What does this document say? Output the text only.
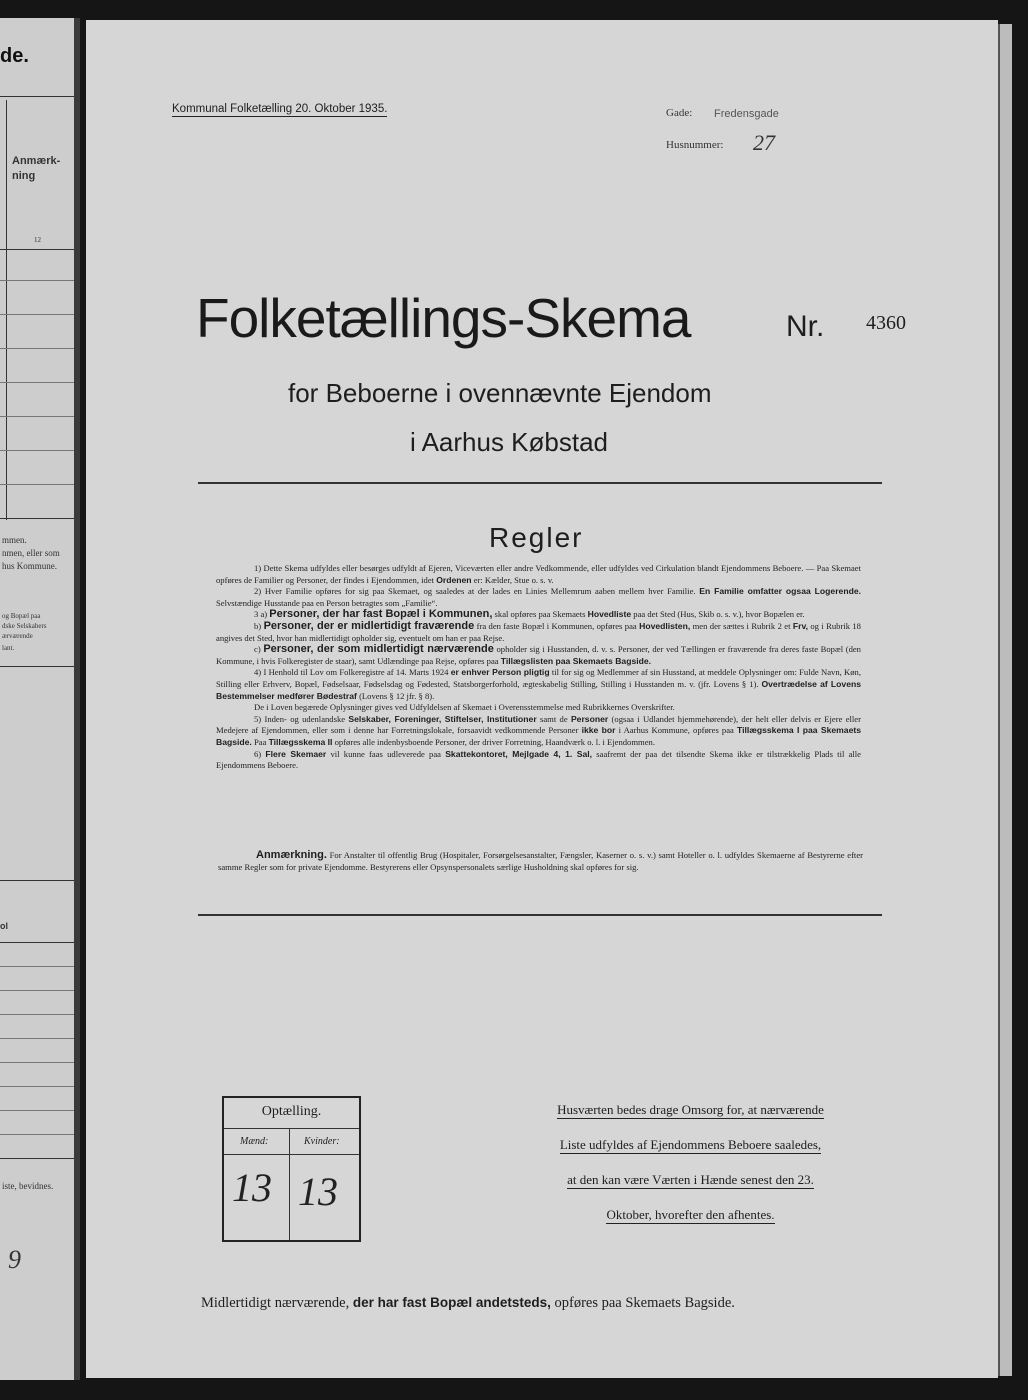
de.
Anmærk-
ning
12
mmen.
nmen, eller som
hus Kommune.
og Bopæl paa
dske Selskabers
ærværende
lant.
ol
iste, bevidnes.
9
Kommunal Folketælling 20. Oktober 1935.	Gade: Fredensgade
Husnummer: 27
Folketællings-Skema	Nr. 4360
for Beboerne i ovennævnte Ejendom
i Aarhus Købstad
Regler

1) Dette Skema udfyldes eller besørges udfyldt af Ejeren, Viceværten eller andre Vedkommende, eller udfyldes ved Cirkulation blandt Ejendommens Beboere. — Paa Skemaet opføres de Familier og Personer, der findes i Ejendommen, idet Ordenen er: Kælder, Stue o. s. v.

2) Hver Familie opføres for sig paa Skemaet, og saaledes at der lades en Linies Mellemrum aaben mellem hver Familie. En Familie omfatter ogsaa Logerende. Selvstændige Husstande paa en Person betragtes som „Familie“.

3 a) Personer, der har fast Bopæl i Kommunen, skal opføres paa Skemaets Hovedliste paa det Sted (Hus, Skib o. s. v.), hvor Bopælen er.

b) Personer, der er midlertidigt fraværende fra den faste Bopæl i Kommunen, opføres paa Hovedlisten, men der sættes i Rubrik 2 et Frv, og i Rubrik 18 angives det Sted, hvor han midlertidigt opholder sig, eventuelt om han er paa Rejse.

c) Personer, der som midlertidigt nærværende opholder sig i Husstanden, d. v. s. Personer, der ved Tællingen er fraværende fra deres faste Bopæl (den Kommune, i hvis Folkeregister de staar), samt Udlændinge paa Rejse, opføres paa Tillægslisten paa Skemaets Bagside.

4) I Henhold til Lov om Folkeregistre af 14. Marts 1924 er enhver Person pligtig til for sig og Medlemmer af sin Husstand, at meddele Oplysninger om: Fulde Navn, Køn, Stilling eller Erhverv, Bopæl, Fødselsaar, Fødselsdag og Fødested, Statsborgerforhold, ægteskabelig Stilling, Stilling i Husstanden m. v. (jfr. Lovens § 1). Overtrædelse af Lovens Bestemmelser medfører Bødestraf (Lovens § 12 jfr. § 8).

De i Loven begærede Oplysninger gives ved Udfyldelsen af Skemaet i Overensstemmelse med Rubrikkernes Overskrifter.

5) Inden- og udenlandske Selskaber, Foreninger, Stiftelser, Institutioner samt de Personer (ogsaa i Udlandet hjemmehørende), der helt eller delvis er Ejere eller Medejere af Ejendommen, eller som i denne har Forretningslokale, forsaavidt vedkommende Personer ikke bor i Aarhus Kommune, opføres paa Tillægsskema I paa Skemaets Bagside. Paa Tillægsskema II opføres alle indenbysboende Personer, der driver Forretning, Haandværk o. l. i Ejendommen.

6) Flere Skemaer vil kunne faas udleverede paa Skattekontoret, Mejlgade 4, 1. Sal, saafremt der paa det tilsendte Skema ikke er tilstrækkelig Plads til alle Ejendommens Beboere.

Anmærkning. For Anstalter til offentlig Brug (Hospitaler, Forsørgelsesanstalter, Fængsler, Kaserner o. s. v.) samt Hoteller o. l. udfyldes Skemaerne af Bestyrerne efter samme Regler som for private Ejendomme. Bestyrerens eller Opsynspersonalets særlige Husholdning skal opføres for sig.

Optælling.
Mænd:	Kvinder:
13 13
Husværten bedes drage Omsorg for, at nærværende
Liste udfyldes af Ejendommens Beboere saaledes,
at den kan være Værten i Hænde senest den 23.
Oktober, hvorefter den afhentes.
Midlertidigt nærværende, der har fast Bopæl andetsteds, opføres paa Skemaets Bagside.
